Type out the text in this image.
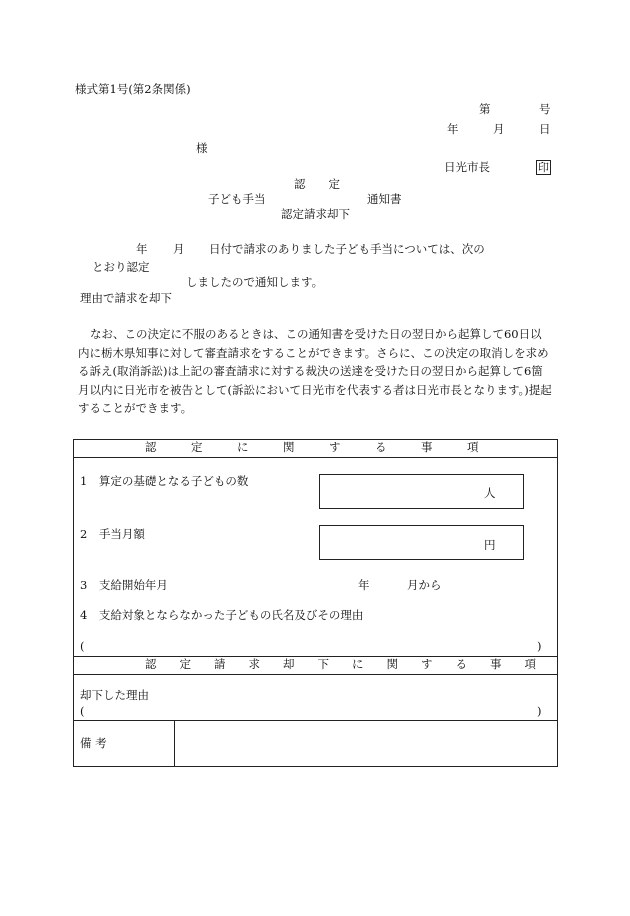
様式第1号(第2条関係)
第	号
年	月	日
様
日光市長	印
認　　定
子ども手当	通知書
認定請求却下
年 月 日付で請求のありました子ども手当については、次の
とおり認定
しましたので通知します。
理由で請求を却下
なお、この決定に不服のあるときは、この通知書を受けた日の翌日から起算して60日以内に栃木県知事に対して審査請求をすることができます。さらに、この決定の取消しを求める訴え(取消訴訟)は上記の審査請求に対する裁決の送達を受けた日の翌日から起算して6箇月以内に日光市を被告として(訴訟において日光市を代表する者は日光市長となります。)提起することができます。
認　　　定　　　に　　　関　　　す　　　る　　　事　　　項
1　算定の基礎となる子どもの数
人
2　手当月額
円
3　支給開始年月	年	月から
4　支給対象とならなかった子どもの氏名及びその理由
(	)
認　　定　　請　　求　　却　　下　　に　　関　　す　　る　　事　　項
却下した理由
(	)
備 考
